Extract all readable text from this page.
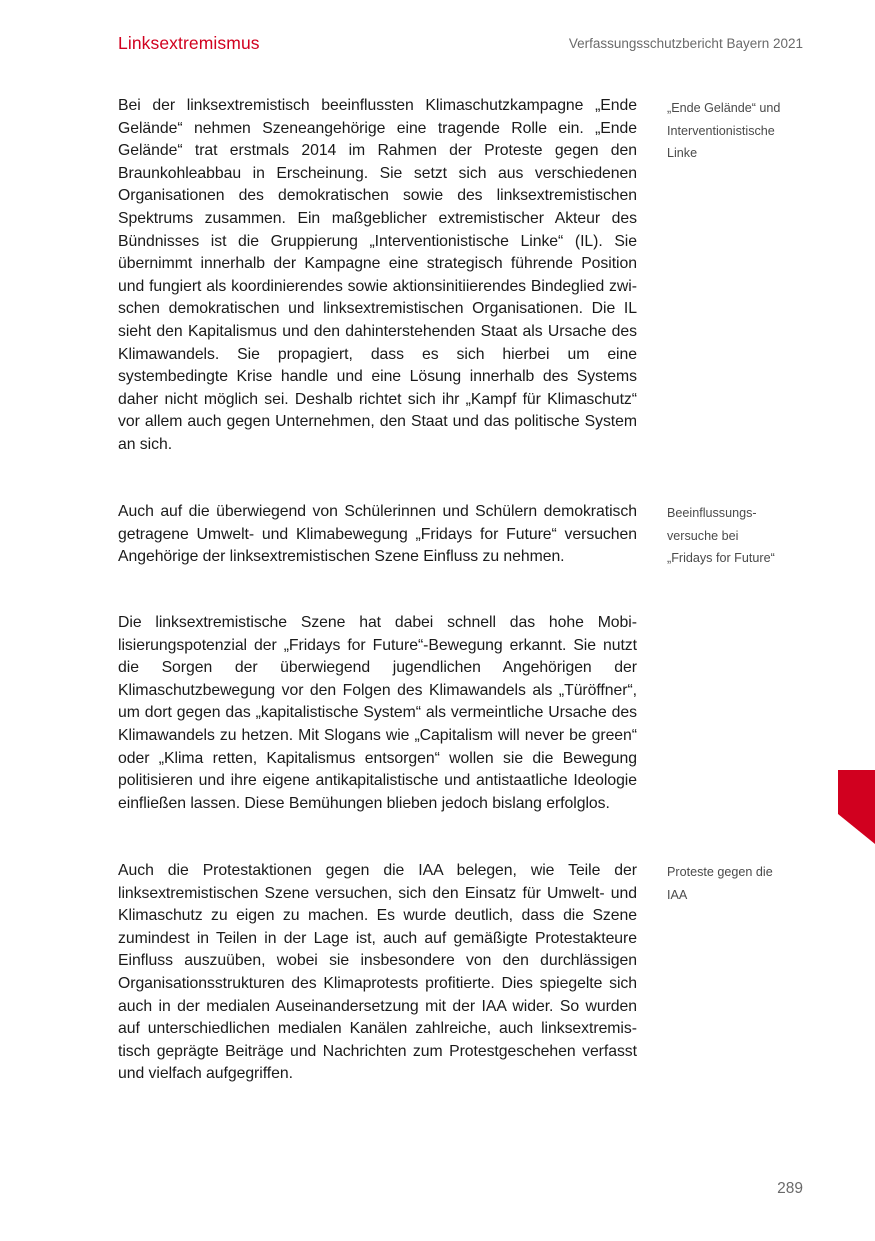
Linksextremismus	Verfassungsschutzbericht Bayern 2021

Bei der linksextremistisch beeinflussten Klimaschutzkampagne „Ende Gelände“ nehmen Szeneangehörige eine tragende Rolle ein. „Ende Gelände“ trat erstmals 2014 im Rahmen der Proteste gegen den Braunkohleabbau in Erscheinung. Sie setzt sich aus verschiedenen Organisationen des demokratischen sowie des linksextremistischen Spektrums zusammen. Ein maßgeblicher extremistischer Akteur des Bündnisses ist die Gruppierung „Interventionistische Linke“ (IL). Sie übernimmt innerhalb der Kampagne eine strategisch führende Position und fungiert als koordinierendes sowie aktionsinitiierendes Bindeglied zwischen demokratischen und linksextremistischen Organisationen. Die IL sieht den Kapitalismus und den dahinterstehenden Staat als Ursache des Klimawandels. Sie propagiert, dass es sich hierbei um eine systembedingte Krise handle und eine Lösung innerhalb des Systems daher nicht möglich sei. Deshalb richtet sich ihr „Kampf für Klimaschutz“ vor allem auch gegen Unternehmen, den Staat und das politische System an sich.

„Ende Gelände“ und
Interventionistische
Linke

Auch auf die überwiegend von Schülerinnen und Schülern demokratisch getragene Umwelt- und Klimabewegung „Fridays for Future“ versuchen Angehörige der linksextremistischen Szene Einfluss zu nehmen.

Beeinflussungs-
versuche bei
„Fridays for Future“

Die linksextremistische Szene hat dabei schnell das hohe Mobilisierungspotenzial der „Fridays for Future“-Bewegung erkannt. Sie nutzt die Sorgen der überwiegend jugendlichen Angehörigen der Klimaschutzbewegung vor den Folgen des Klimawandels als „Türöffner“, um dort gegen das „kapitalistische System“ als vermeintliche Ursache des Klimawandels zu hetzen. Mit Slogans wie „Capitalism will never be green“ oder „Klima retten, Kapitalismus entsorgen“ wollen sie die Bewegung politisieren und ihre eigene antikapitalistische und antistaatliche Ideologie einfließen lassen. Diese Bemühungen blieben jedoch bislang erfolglos.

Auch die Protestaktionen gegen die IAA belegen, wie Teile der linksextremistischen Szene versuchen, sich den Einsatz für Umwelt- und Klimaschutz zu eigen zu machen. Es wurde deutlich, dass die Szene zumindest in Teilen in der Lage ist, auch auf gemäßigte Protestakteure Einfluss auszuüben, wobei sie insbesondere von den durchlässigen Organisationsstrukturen des Klimaprotests profitierte. Dies spiegelte sich auch in der medialen Auseinandersetzung mit der IAA wider. So wurden auf unterschiedlichen medialen Kanälen zahlreiche, auch linksextremistisch geprägte Beiträge und Nachrichten zum Protestgeschehen verfasst und vielfach aufgegriffen.

Proteste gegen die
IAA
289
